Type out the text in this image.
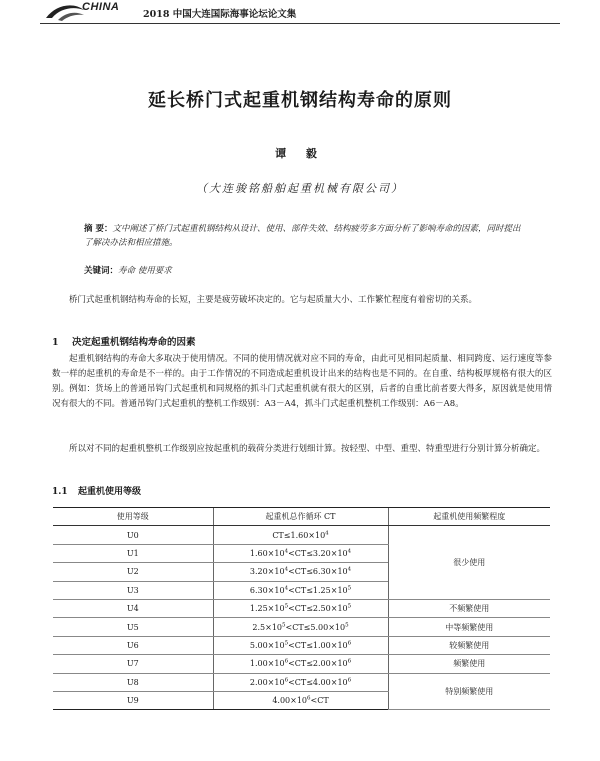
CHINA
2018 中国大连国际海事论坛论文集
延长桥门式起重机钢结构寿命的原则
谭 毅
（大连骏铭船舶起重机械有限公司）
摘 要：文中阐述了桥门式起重机钢结构从设计、使用、部件失效、结构疲劳多方面分析了影响寿命的因素，同时提出了解决办法和相应措施。
关键词：寿命 使用要求
桥门式起重机钢结构寿命的长短，主要是疲劳破坏决定的。它与起质量大小、工作繁忙程度有着密切的关系。
1 决定起重机钢结构寿命的因素
起重机钢结构的寿命大多取决于使用情况。不同的使用情况就对应不同的寿命，由此可见相同起质量、相同跨度、运行速度等参数一样的起重机的寿命是不一样的。由于工作情况的不同造成起重机设计出来的结构也是不同的。在自重、结构板厚规格有很大的区别。例如：货场上的普通吊钩门式起重机和同规格的抓斗门式起重机就有很大的区别，后者的自重比前者要大得多，原因就是使用情况有很大的不同。普通吊钩门式起重机的整机工作级别：A3－A4，抓斗门式起重机整机工作级别：A6－A8。
所以对不同的起重机整机工作级别应按起重机的载荷分类进行划细计算。按轻型、中型、重型、特重型进行分别计算分析确定。
1.1 起重机使用等级
使用等级	起重机总作循环 CT	起重机使用频繁程度
U0	$CT\le 1.60\times 10^4$	很少使用
U1	$1.60\times 10^4<CT\le 3.20\times 10^4$
U2	$3.20\times 10^4<CT\le 6.30\times 10^4$
U3	$6.30\times 10^4<CT\le 1.25\times 10^5$
U4	$1.25\times 10^5<CT\le 2.50\times 10^5$	不频繁使用
U5	$2.5\times 10^5<CT\le 5.00\times 10^5$	中等频繁使用
U6	$5.00\times 10^5<CT\le 1.00\times 10^6$	较频繁使用
U7	$1.00\times 10^6<CT\le 2.00\times 10^6$	频繁使用
U8	$2.00\times 10^6<CT\le 4.00\times 10^6$	特别频繁使用
U9	$4.00\times 10^6<CT$	
